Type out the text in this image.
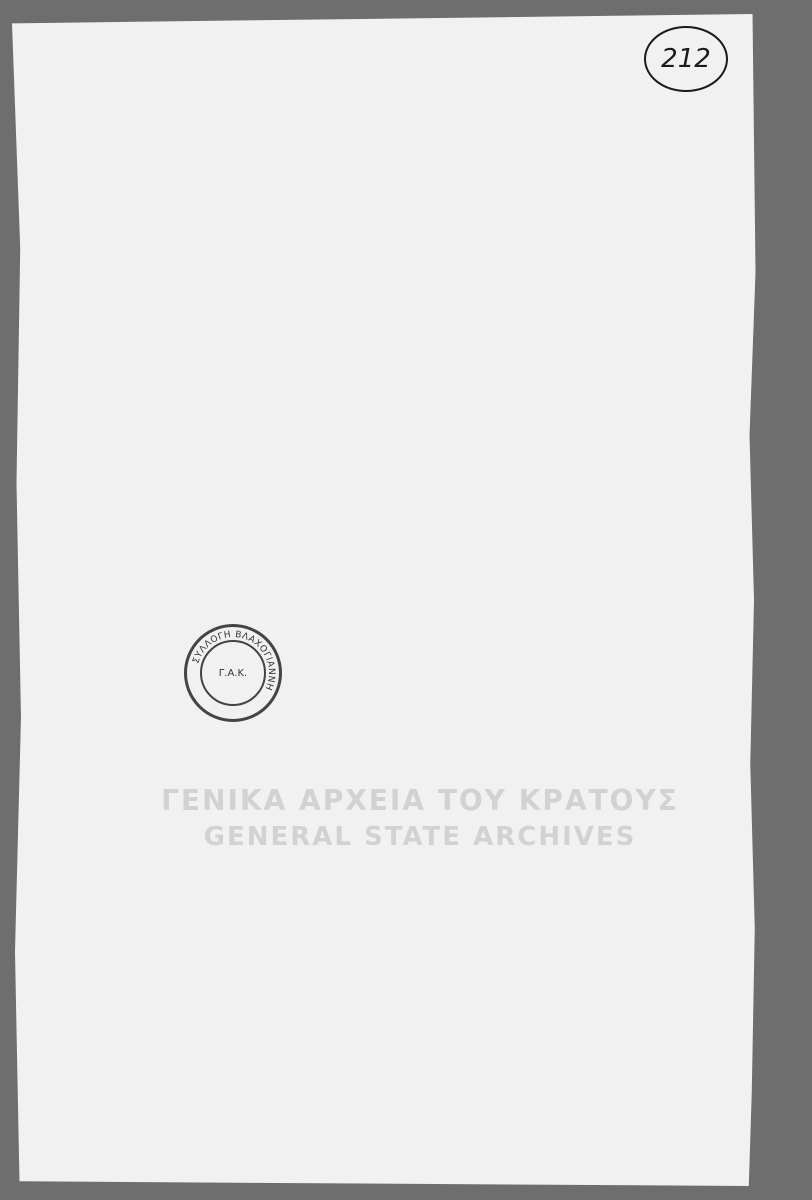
212
ΓΕΝΙΚΑ ΑΡΧΕΙΑ ΤΟΥ ΚΡΑΤΟΥΣ
GENERAL STATE ARCHIVES
ΣΥΛΛΟΓΗ ΒΛΑΧΟΓΙΑΝΝΗ
Γ.Α.Κ.
